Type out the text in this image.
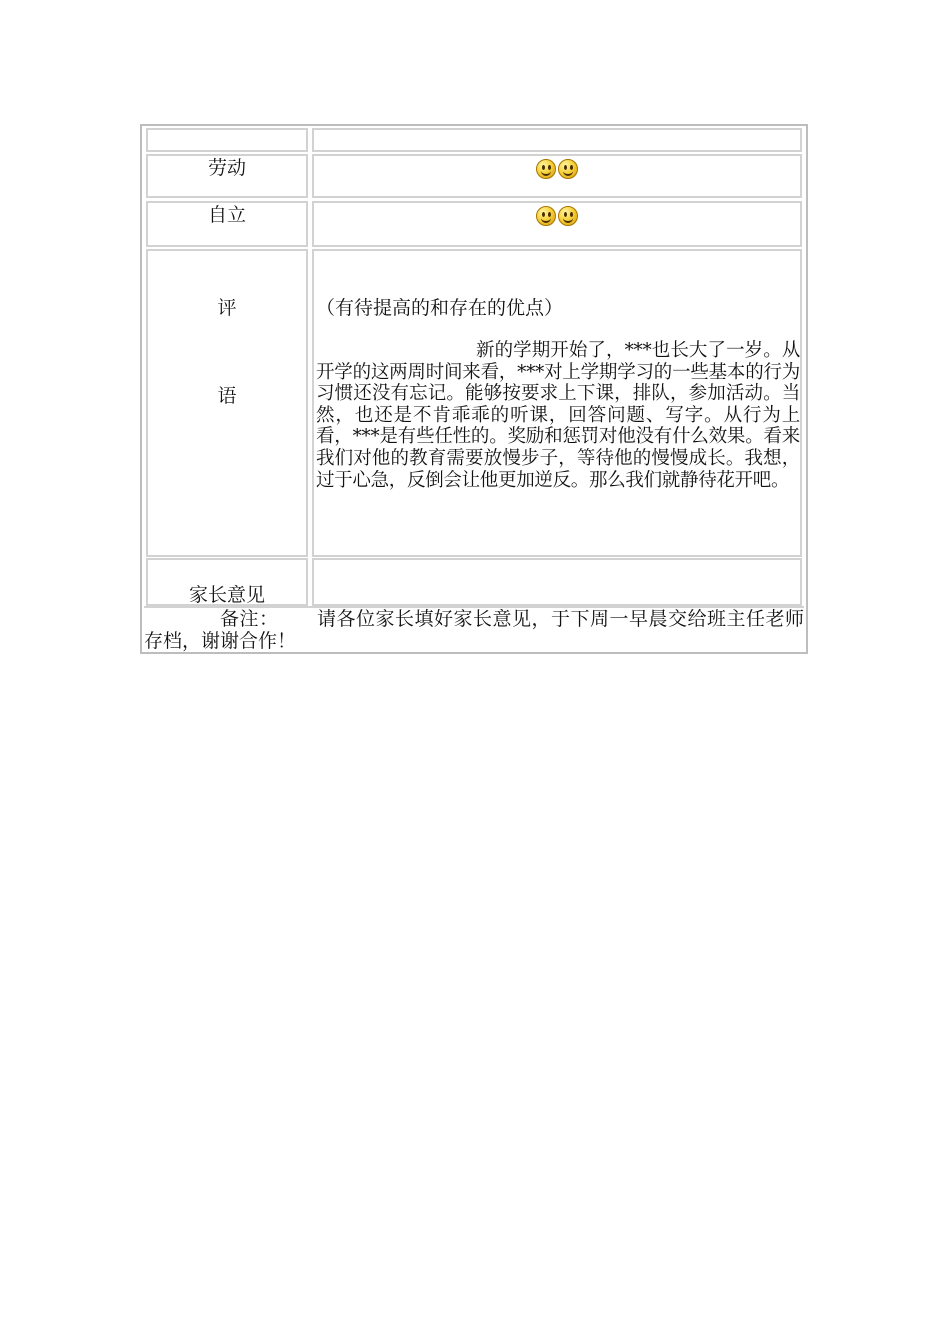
劳动
自立
评
语
（有待提高的和存在的优点）
新的学期开始了，***也长大了一岁。从开学的这两周时间来看，***对上学期学习的一些基本的行为习惯还没有忘记。能够按要求上下课，排队，参加活动。当然，也还是不肯乖乖的听课，回答问题、写字。从行为上看，***是有些任性的。奖励和惩罚对他没有什么效果。看来我们对他的教育需要放慢步子，等待他的慢慢成长。我想，过于心急，反倒会让他更加逆反。那么我们就静待花开吧。
家长意见
备注： 请各位家长填好家长意见，于下周一早晨交给班主任老师存档，谢谢合作！
